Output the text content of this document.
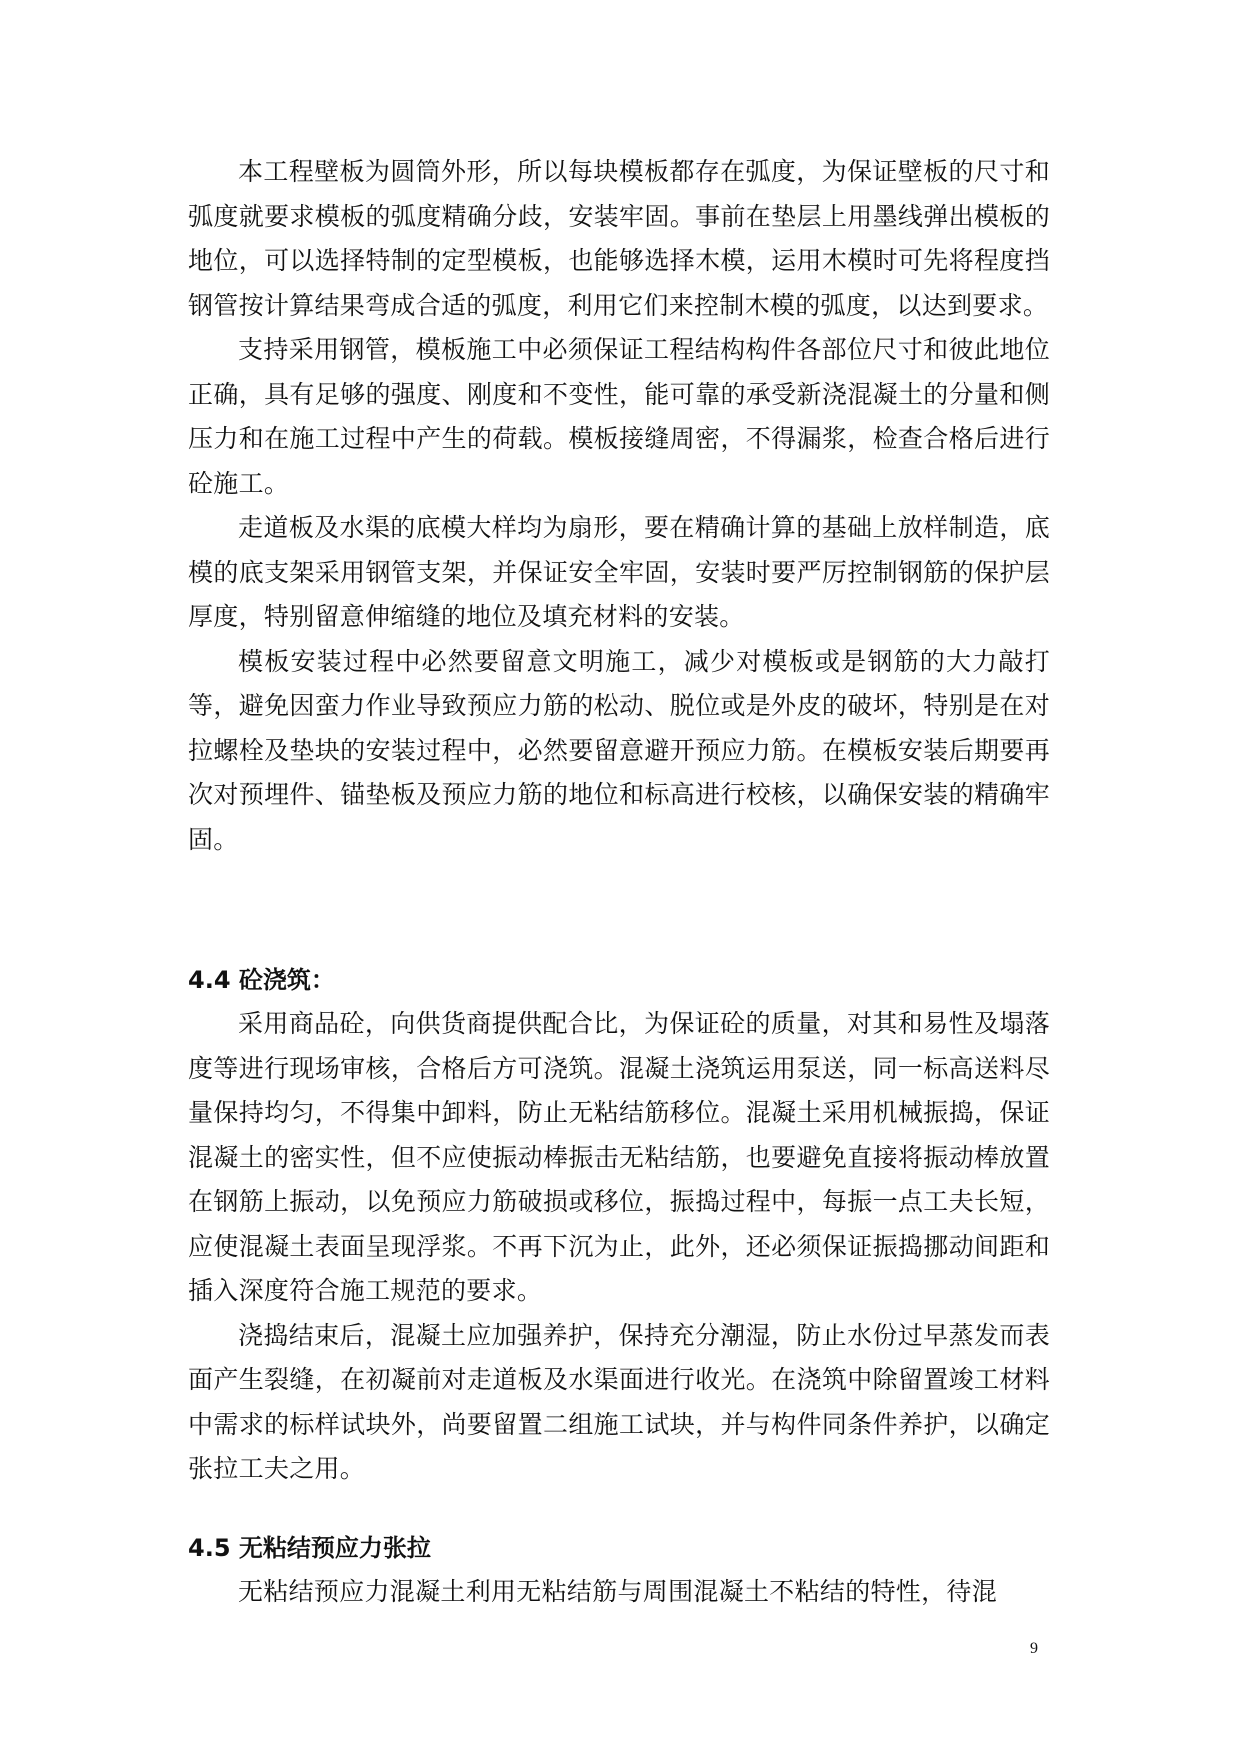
本工程壁板为圆筒外形，所以每块模板都存在弧度，为保证壁板的尺寸和弧度就要求模板的弧度精确分歧，安装牢固。事前在垫层上用墨线弹出模板的地位，可以选择特制的定型模板，也能够选择木模，运用木模时可先将程度挡钢管按计算结果弯成合适的弧度，利用它们来控制木模的弧度，以达到要求。

支持采用钢管，模板施工中必须保证工程结构构件各部位尺寸和彼此地位正确，具有足够的强度、刚度和不变性，能可靠的承受新浇混凝土的分量和侧压力和在施工过程中产生的荷载。模板接缝周密，不得漏浆，检查合格后进行砼施工。

走道板及水渠的底模大样均为扇形，要在精确计算的基础上放样制造，底模的底支架采用钢管支架，并保证安全牢固，安装时要严厉控制钢筋的保护层厚度，特别留意伸缩缝的地位及填充材料的安装。

模板安装过程中必然要留意文明施工，减少对模板或是钢筋的大力敲打等，避免因蛮力作业导致预应力筋的松动、脱位或是外皮的破坏，特别是在对拉螺栓及垫块的安装过程中，必然要留意避开预应力筋。在模板安装后期要再次对预埋件、锚垫板及预应力筋的地位和标高进行校核，以确保安装的精确牢固。

4.4 砼浇筑：

采用商品砼，向供货商提供配合比，为保证砼的质量，对其和易性及塌落度等进行现场审核，合格后方可浇筑。混凝土浇筑运用泵送，同一标高送料尽量保持均匀，不得集中卸料，防止无粘结筋移位。混凝土采用机械振捣，保证混凝土的密实性，但不应使振动棒振击无粘结筋，也要避免直接将振动棒放置在钢筋上振动，以免预应力筋破损或移位，振捣过程中，每振一点工夫长短，应使混凝土表面呈现浮浆。不再下沉为止，此外，还必须保证振捣挪动间距和插入深度符合施工规范的要求。

浇捣结束后，混凝土应加强养护，保持充分潮湿，防止水份过早蒸发而表面产生裂缝，在初凝前对走道板及水渠面进行收光。在浇筑中除留置竣工材料中需求的标样试块外，尚要留置二组施工试块，并与构件同条件养护，以确定张拉工夫之用。

4.5 无粘结预应力张拉

无粘结预应力混凝土利用无粘结筋与周围混凝土不粘结的特性，待混

9
